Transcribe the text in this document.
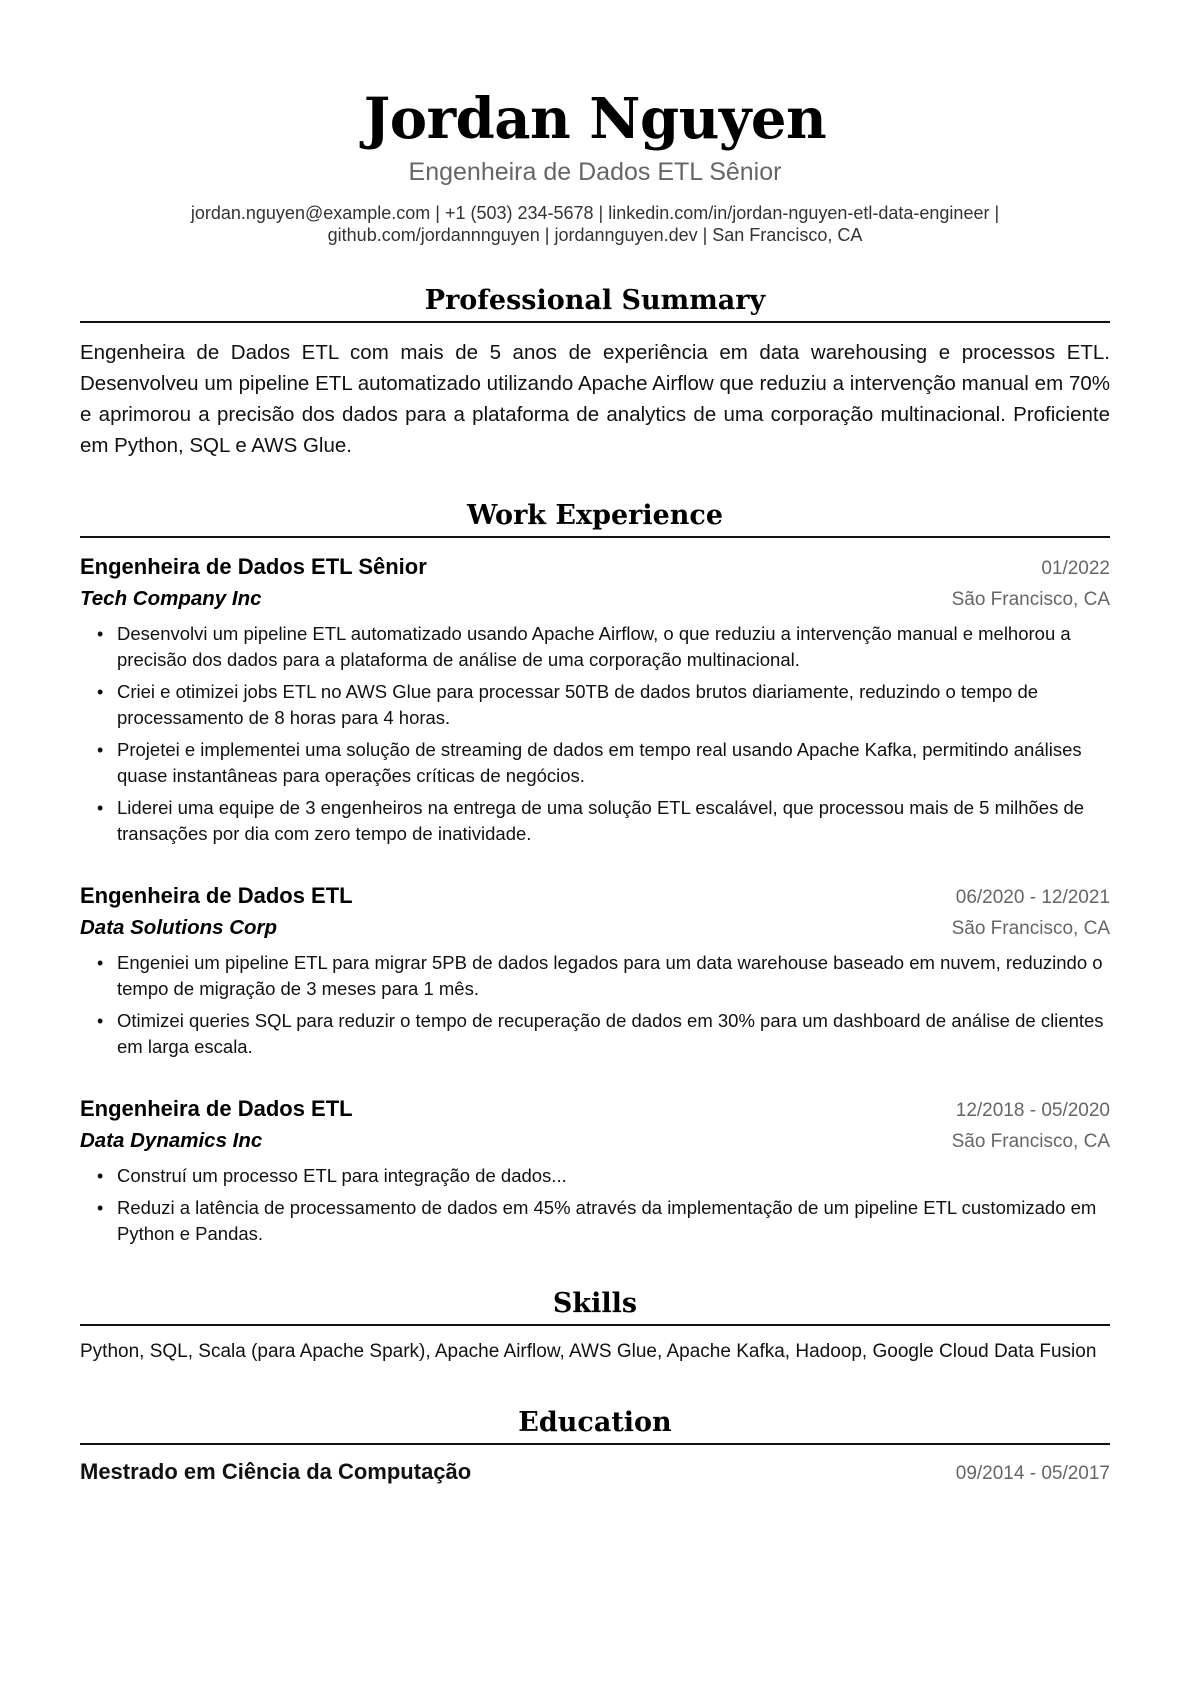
Jordan Nguyen
Engenheira de Dados ETL Sênior
jordan.nguyen@example.com | +1 (503) 234-5678 | linkedin.com/in/jordan-nguyen-etl-data-engineer |
github.com/jordannnguyen | jordannguyen.dev | San Francisco, CA
Professional Summary
Engenheira de Dados ETL com mais de 5 anos de experiência em data warehousing e processos ETL. Desenvolveu um pipeline ETL automatizado utilizando Apache Airflow que reduziu a intervenção manual em 70% e aprimorou a precisão dos dados para a plataforma de analytics de uma corporação multinacional. Proficiente em Python, SQL e AWS Glue.
Work Experience
Engenheira de Dados ETL Sênior	01/2022
Tech Company Inc	São Francisco, CA
• Desenvolvi um pipeline ETL automatizado usando Apache Airflow, o que reduziu a intervenção manual e melhorou a precisão dos dados para a plataforma de análise de uma corporação multinacional.
• Criei e otimizei jobs ETL no AWS Glue para processar 50TB de dados brutos diariamente, reduzindo o tempo de processamento de 8 horas para 4 horas.
• Projetei e implementei uma solução de streaming de dados em tempo real usando Apache Kafka, permitindo análises quase instantâneas para operações críticas de negócios.
• Liderei uma equipe de 3 engenheiros na entrega de uma solução ETL escalável, que processou mais de 5 milhões de transações por dia com zero tempo de inatividade.
Engenheira de Dados ETL	06/2020 - 12/2021
Data Solutions Corp	São Francisco, CA
• Engeniei um pipeline ETL para migrar 5PB de dados legados para um data warehouse baseado em nuvem, reduzindo o tempo de migração de 3 meses para 1 mês.
• Otimizei queries SQL para reduzir o tempo de recuperação de dados em 30% para um dashboard de análise de clientes em larga escala.
Engenheira de Dados ETL	12/2018 - 05/2020
Data Dynamics Inc	São Francisco, CA
• Construí um processo ETL para integração de dados...
• Reduzi a latência de processamento de dados em 45% através da implementação de um pipeline ETL customizado em Python e Pandas.
Skills
Python, SQL, Scala (para Apache Spark), Apache Airflow, AWS Glue, Apache Kafka, Hadoop, Google Cloud Data Fusion
Education
Mestrado em Ciência da Computação	09/2014 - 05/2017
